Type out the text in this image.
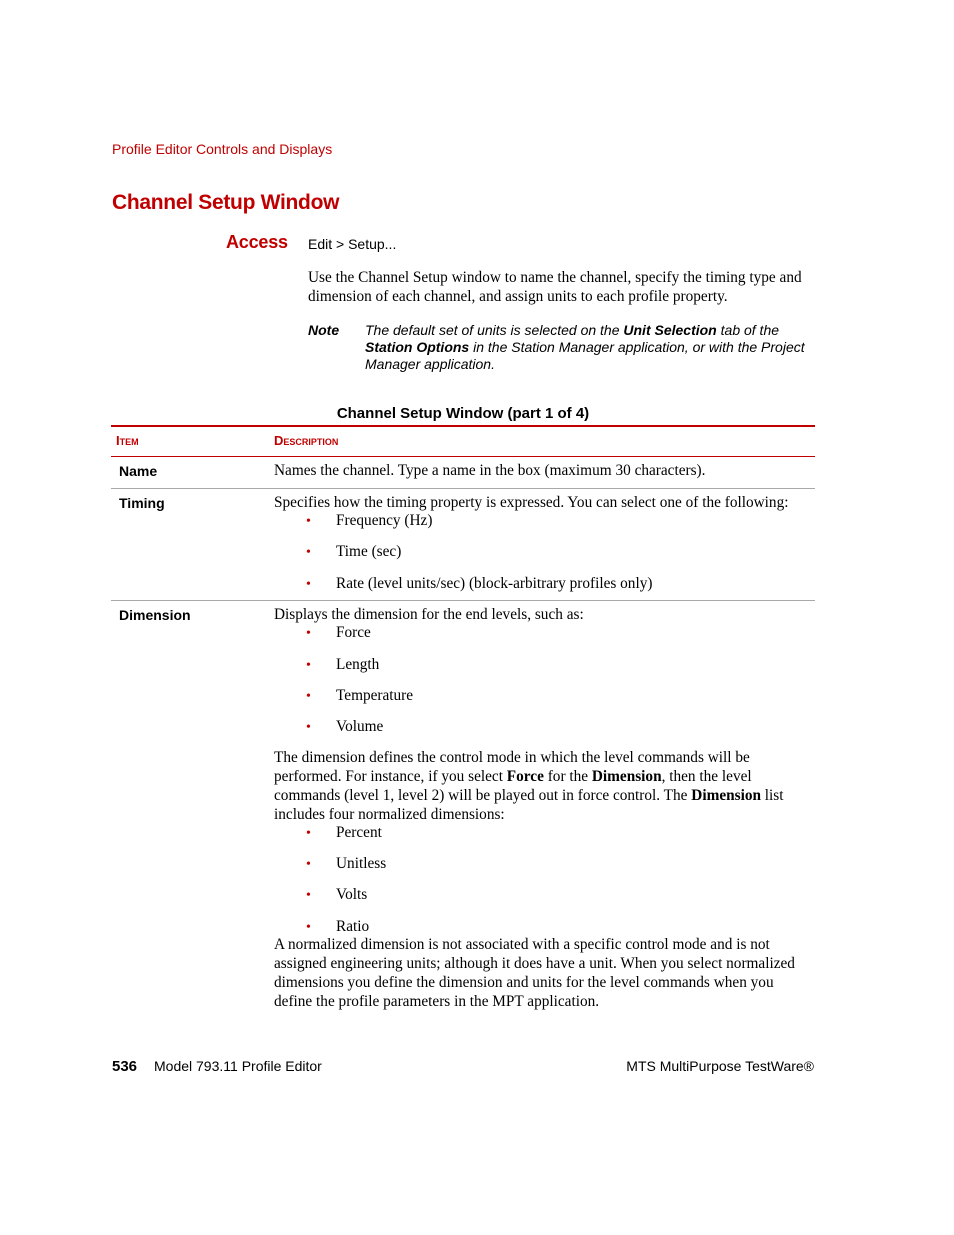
Profile Editor Controls and Displays
Channel Setup Window
Access Edit > Setup...
Use the Channel Setup window to name the channel, specify the timing type and dimension of each channel, and assign units to each profile property.
Note The default set of units is selected on the Unit Selection tab of the Station Options in the Station Manager application, or with the Project Manager application.
Channel Setup Window (part 1 of 4)
Item	Description
Name	Names the channel. Type a name in the box (maximum 30 characters).
Timing	Specifies how the timing property is expressed. You can select one of the following:
• Frequency (Hz)
• Time (sec)
• Rate (level units/sec) (block-arbitrary profiles only)
Dimension	Displays the dimension for the end levels, such as:
• Force
• Length
• Temperature
• Volume
The dimension defines the control mode in which the level commands will be performed. For instance, if you select Force for the Dimension, then the level commands (level 1, level 2) will be played out in force control. The Dimension list includes four normalized dimensions:
• Percent
• Unitless
• Volts
• Ratio
A normalized dimension is not associated with a specific control mode and is not assigned engineering units; although it does have a unit. When you select normalized dimensions you define the dimension and units for the level commands when you define the profile parameters in the MPT application.
536 Model 793.11 Profile Editor	MTS MultiPurpose TestWare®
